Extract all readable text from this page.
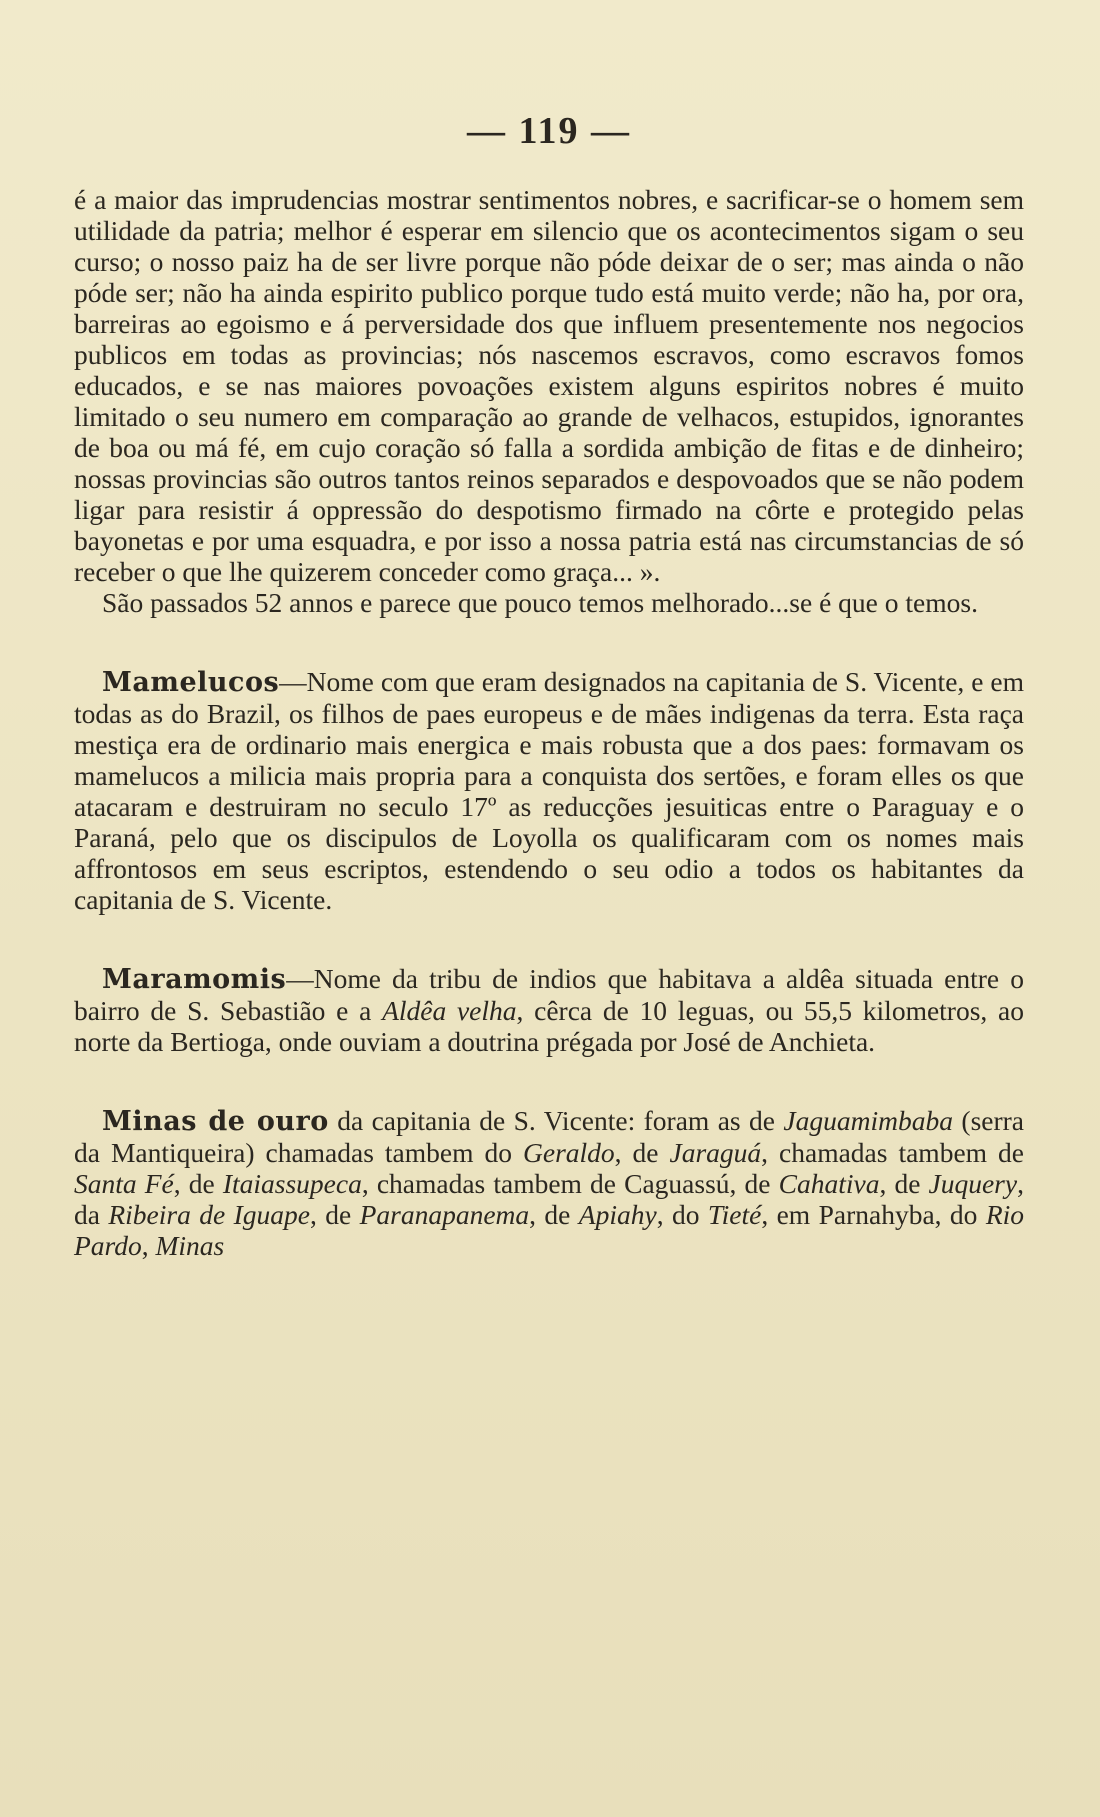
— 119 —

é a maior das imprudencias mostrar sentimentos nobres, e sacrificar-se o homem sem utilidade da patria; melhor é esperar em silencio que os acontecimentos sigam o seu curso; o nosso paiz ha de ser livre porque não póde deixar de o ser; mas ainda o não póde ser; não ha ainda espirito publico porque tudo está muito verde; não ha, por ora, barreiras ao egoismo e á perversidade dos que influem presentemente nos negocios publicos em todas as provincias; nós nascemos escravos, como escravos fomos educados, e se nas maiores povoações existem alguns espiritos nobres é muito limitado o seu numero em comparação ao grande de velhacos, estupidos, ignorantes de boa ou má fé, em cujo coração só falla a sordida ambição de fitas e de dinheiro; nossas provincias são outros tantos reinos separados e despovoados que se não podem ligar para resistir á oppressão do despotismo firmado na côrte e protegido pelas bayonetas e por uma esquadra, e por isso a nossa patria está nas circumstancias de só receber o que lhe quizerem conceder como graça... ».

São passados 52 annos e parece que pouco temos melhorado...se é que o temos.

Mamelucos—Nome com que eram designados na capitania de S. Vicente, e em todas as do Brazil, os filhos de paes europeus e de mães indigenas da terra. Esta raça mestiça era de ordinario mais energica e mais robusta que a dos paes: formavam os mamelucos a milicia mais propria para a conquista dos sertões, e foram elles os que atacaram e destruiram no seculo 17º as reducções jesuiticas entre o Paraguay e o Paraná, pelo que os discipulos de Loyolla os qualificaram com os nomes mais affrontosos em seus escriptos, estendendo o seu odio a todos os habitantes da capitania de S. Vicente.

Maramomis—Nome da tribu de indios que habitava a aldêa situada entre o bairro de S. Sebastião e a Aldêa velha, cêrca de 10 leguas, ou 55,5 kilometros, ao norte da Bertioga, onde ouviam a doutrina prégada por José de Anchieta.

Minas de ouro da capitania de S. Vicente: foram as de Jaguamimbaba (serra da Mantiqueira) chamadas tambem do Geraldo, de Jaraguá, chamadas tambem de Santa Fé, de Itaiassupeca, chamadas tambem de Caguassú, de Cahativa, de Juquery, da Ribeira de Iguape, de Paranapanema, de Apiahy, do Tieté, em Parnahyba, do Rio Pardo, Minas
